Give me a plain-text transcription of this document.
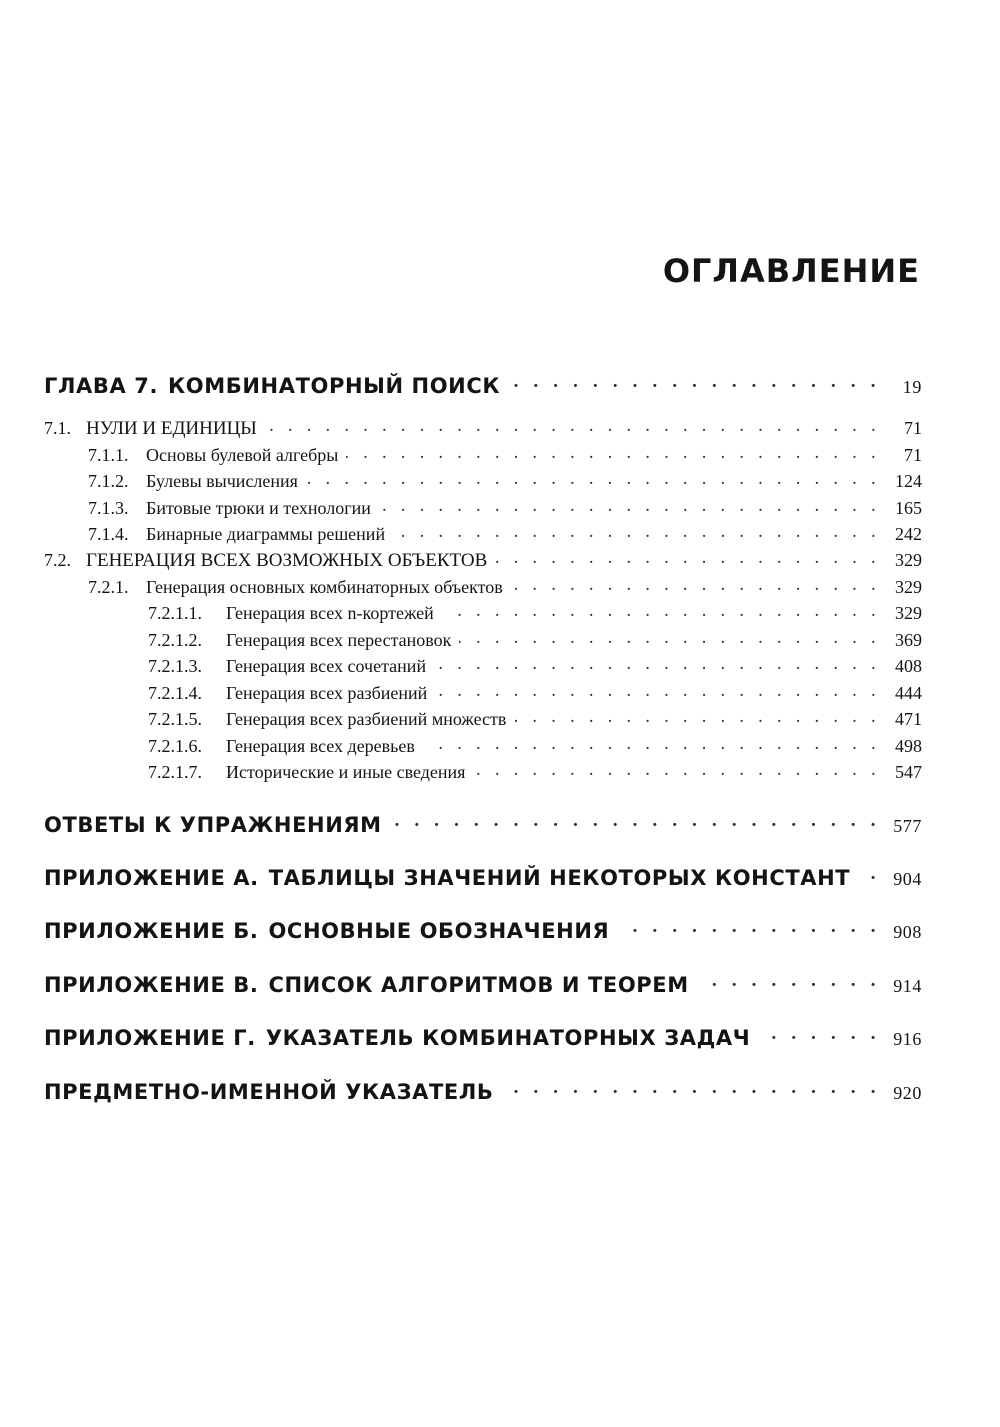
ОГЛАВЛЕНИЕ
ГЛАВА 7. КОМБИНАТОРНЫЙ ПОИСК . . .	19
7.1. НУЛИ И ЕДИНИЦЫ . . .	71
7.1.1. Основы булевой алгебры . . .	71
7.1.2. Булевы вычисления . . .	124
7.1.3. Битовые трюки и технологии . . .	165
7.1.4. Бинарные диаграммы решений . . .	242
7.2. ГЕНЕРАЦИЯ ВСЕХ ВОЗМОЖНЫХ ОБЪЕКТОВ . . .	329
7.2.1. Генерация основных комбинаторных объектов . . .	329
7.2.1.1.	Генерация всех n-кортежей . . .	329
7.2.1.2.	Генерация всех перестановок . . .	369
7.2.1.3.	Генерация всех сочетаний . . .	408
7.2.1.4.	Генерация всех разбиений . . .	444
7.2.1.5.	Генерация всех разбиений множеств . . .	471
7.2.1.6.	Генерация всех деревьев . . .	498
7.2.1.7.	Исторические и иные сведения . . .	547
ОТВЕТЫ К УПРАЖНЕНИЯМ . . .	577
ПРИЛОЖЕНИЕ А. ТАБЛИЦЫ ЗНАЧЕНИЙ НЕКОТОРЫХ КОНСТАНТ . . . 904
ПРИЛОЖЕНИЕ Б. ОСНОВНЫЕ ОБОЗНАЧЕНИЯ . . .	908
ПРИЛОЖЕНИЕ В. СПИСОК АЛГОРИТМОВ И ТЕОРЕМ . . .	914
ПРИЛОЖЕНИЕ Г. УКАЗАТЕЛЬ КОМБИНАТОРНЫХ ЗАДАЧ . . .	916
ПРЕДМЕТНО-ИМЕННОЙ УКАЗАТЕЛЬ . . .	920
